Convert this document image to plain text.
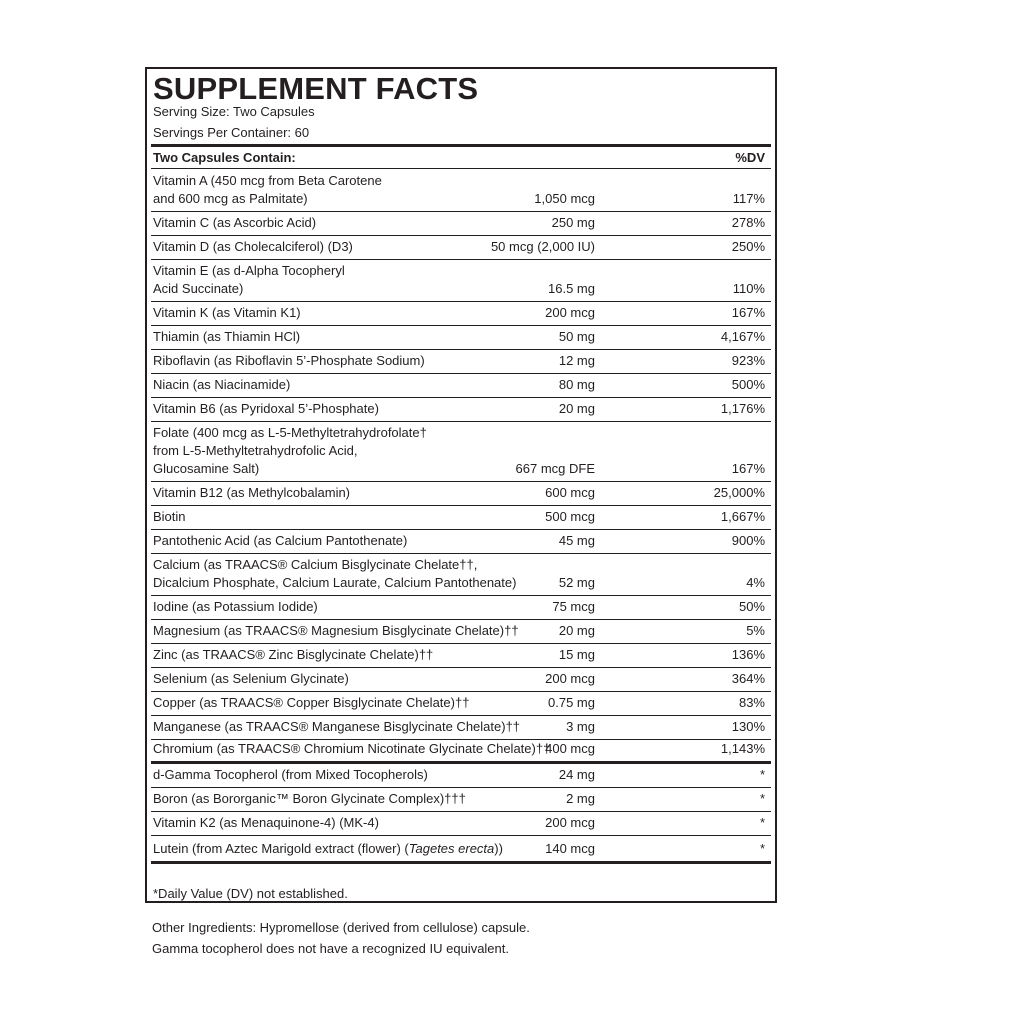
SUPPLEMENT FACTS
Serving Size: Two Capsules
Servings Per Container: 60
Two Capsules Contain:	%DV
Vitamin A (450 mcg from Beta Carotene
and 600 mcg as Palmitate)	1,050 mcg	117%
Vitamin C (as Ascorbic Acid)	250 mg	278%
Vitamin D (as Cholecalciferol) (D3)	50 mcg (2,000 IU)	250%
Vitamin E (as d-Alpha Tocopheryl
Acid Succinate)	16.5 mg	110%
Vitamin K (as Vitamin K1)	200 mcg	167%
Thiamin (as Thiamin HCl)	50 mg	4,167%
Riboflavin (as Riboflavin 5’-Phosphate Sodium)	12 mg	923%
Niacin (as Niacinamide)	80 mg	500%
Vitamin B6 (as Pyridoxal 5’-Phosphate)	20 mg	1,176%
Folate (400 mcg as L-5-Methyltetrahydrofolate†
from L-5-Methyltetrahydrofolic Acid,
Glucosamine Salt)	667 mcg DFE	167%
Vitamin B12 (as Methylcobalamin)	600 mcg	25,000%
Biotin	500 mcg	1,667%
Pantothenic Acid (as Calcium Pantothenate)	45 mg	900%
Calcium (as TRAACS® Calcium Bisglycinate Chelate††,
Dicalcium Phosphate, Calcium Laurate, Calcium Pantothenate)	52 mg	4%
Iodine (as Potassium Iodide)	75 mcg	50%
Magnesium (as TRAACS® Magnesium Bisglycinate Chelate)††	20 mg	5%
Zinc (as TRAACS® Zinc Bisglycinate Chelate)††	15 mg	136%
Selenium (as Selenium Glycinate)	200 mcg	364%
Copper (as TRAACS® Copper Bisglycinate Chelate)††	0.75 mg	83%
Manganese (as TRAACS® Manganese Bisglycinate Chelate)††	3 mg	130%
Chromium (as TRAACS® Chromium Nicotinate Glycinate Chelate)††
400 mcg	1,143%
d-Gamma Tocopherol (from Mixed Tocopherols)	24 mg	*
Boron (as Bororganic™ Boron Glycinate Complex)†††	2 mg	*
Vitamin K2 (as Menaquinone-4) (MK-4)	200 mcg	*
Lutein (from Aztec Marigold extract (flower) (Tagetes erecta))	140 mcg	*
*Daily Value (DV) not established.
Other Ingredients: Hypromellose (derived from cellulose) capsule.
Gamma tocopherol does not have a recognized IU equivalent.
